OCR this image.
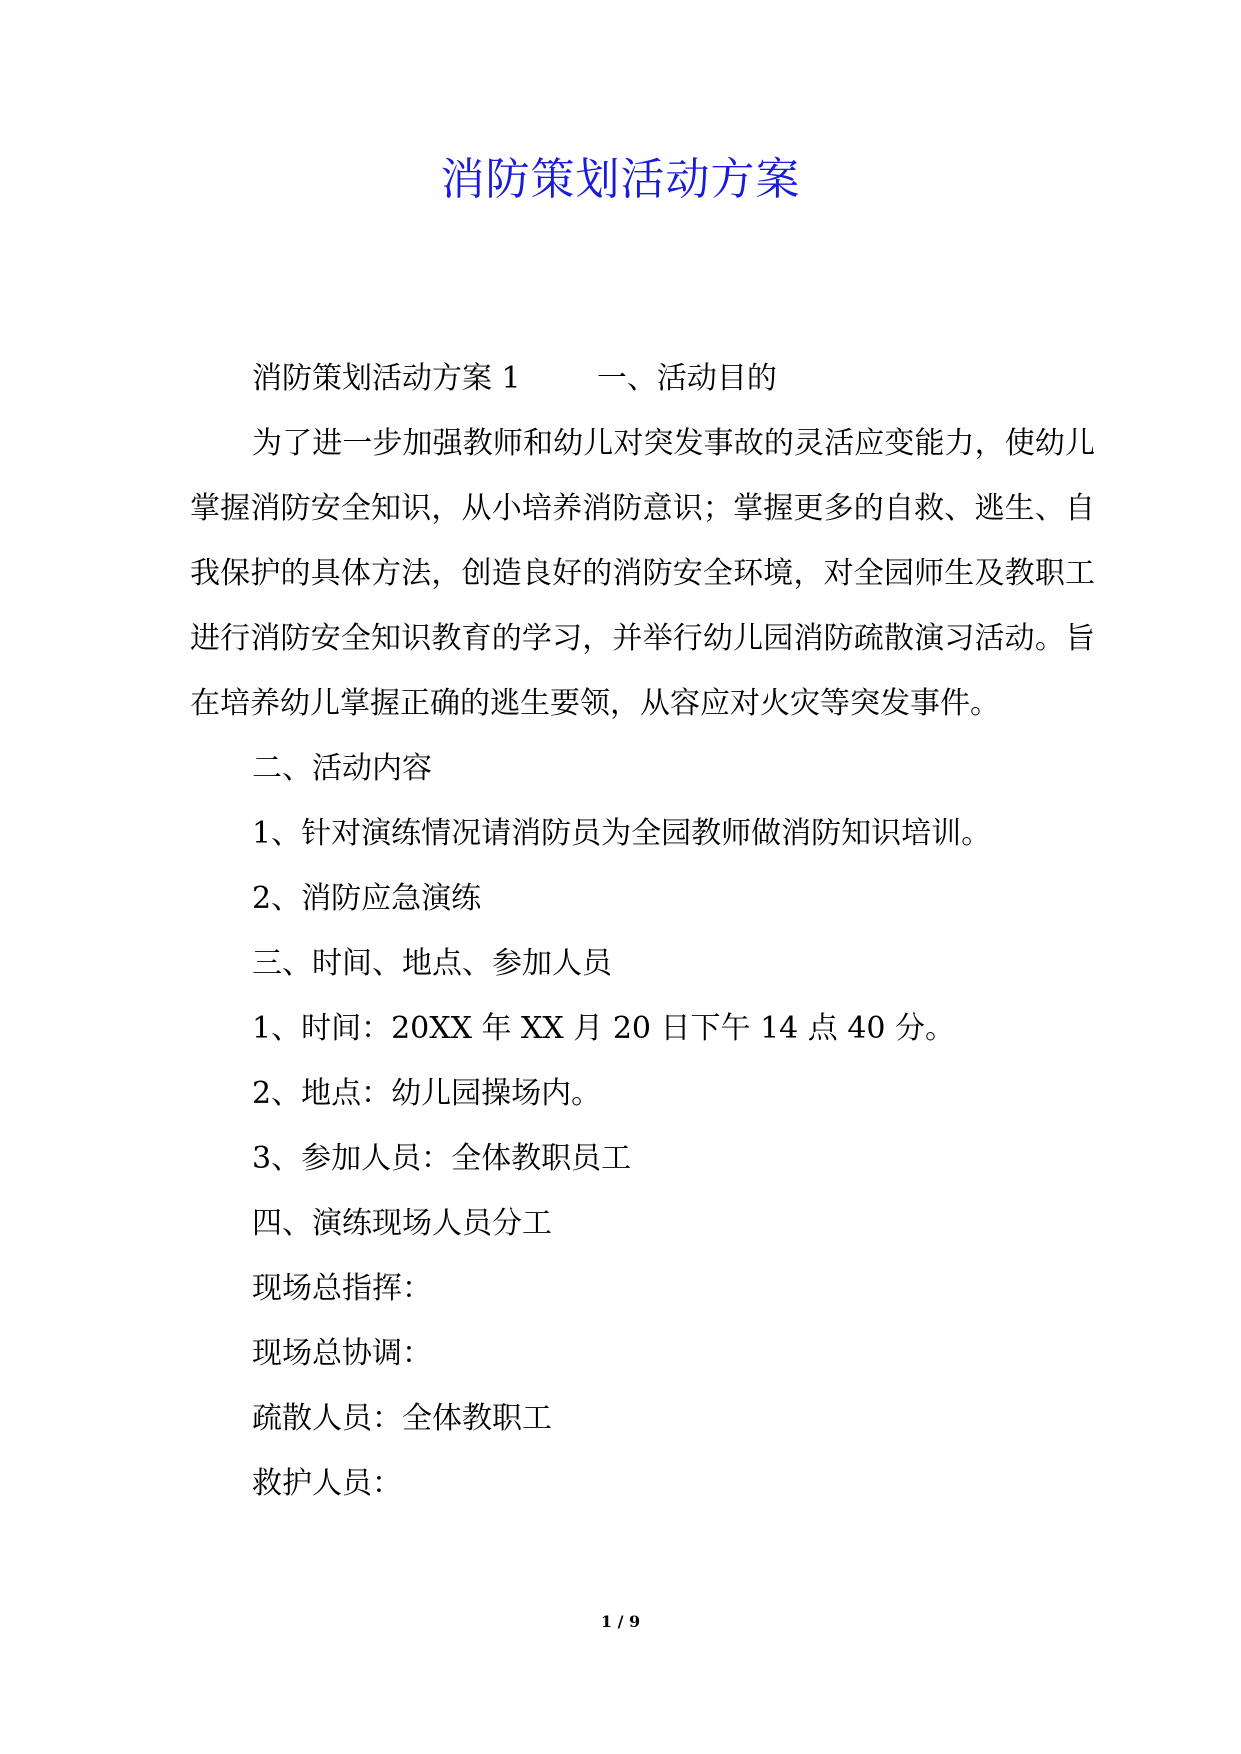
消防策划活动方案

消防策划活动方案 1        一、活动目的

为了进一步加强教师和幼儿对突发事故的灵活应变能力，使幼儿掌握消防安全知识，从小培养消防意识；掌握更多的自救、逃生、自我保护的具体方法，创造良好的消防安全环境，对全园师生及教职工进行消防安全知识教育的学习，并举行幼儿园消防疏散演习活动。旨在培养幼儿掌握正确的逃生要领，从容应对火灾等突发事件。

二、活动内容

1、针对演练情况请消防员为全园教师做消防知识培训。

2、消防应急演练

三、时间、地点、参加人员

1、时间：20XX 年 XX 月 20 日下午 14 点 40 分。

2、地点：幼儿园操场内。

3、参加人员：全体教职员工

四、演练现场人员分工

现场总指挥：

现场总协调：

疏散人员：全体教职工

救护人员：

1 / 9
